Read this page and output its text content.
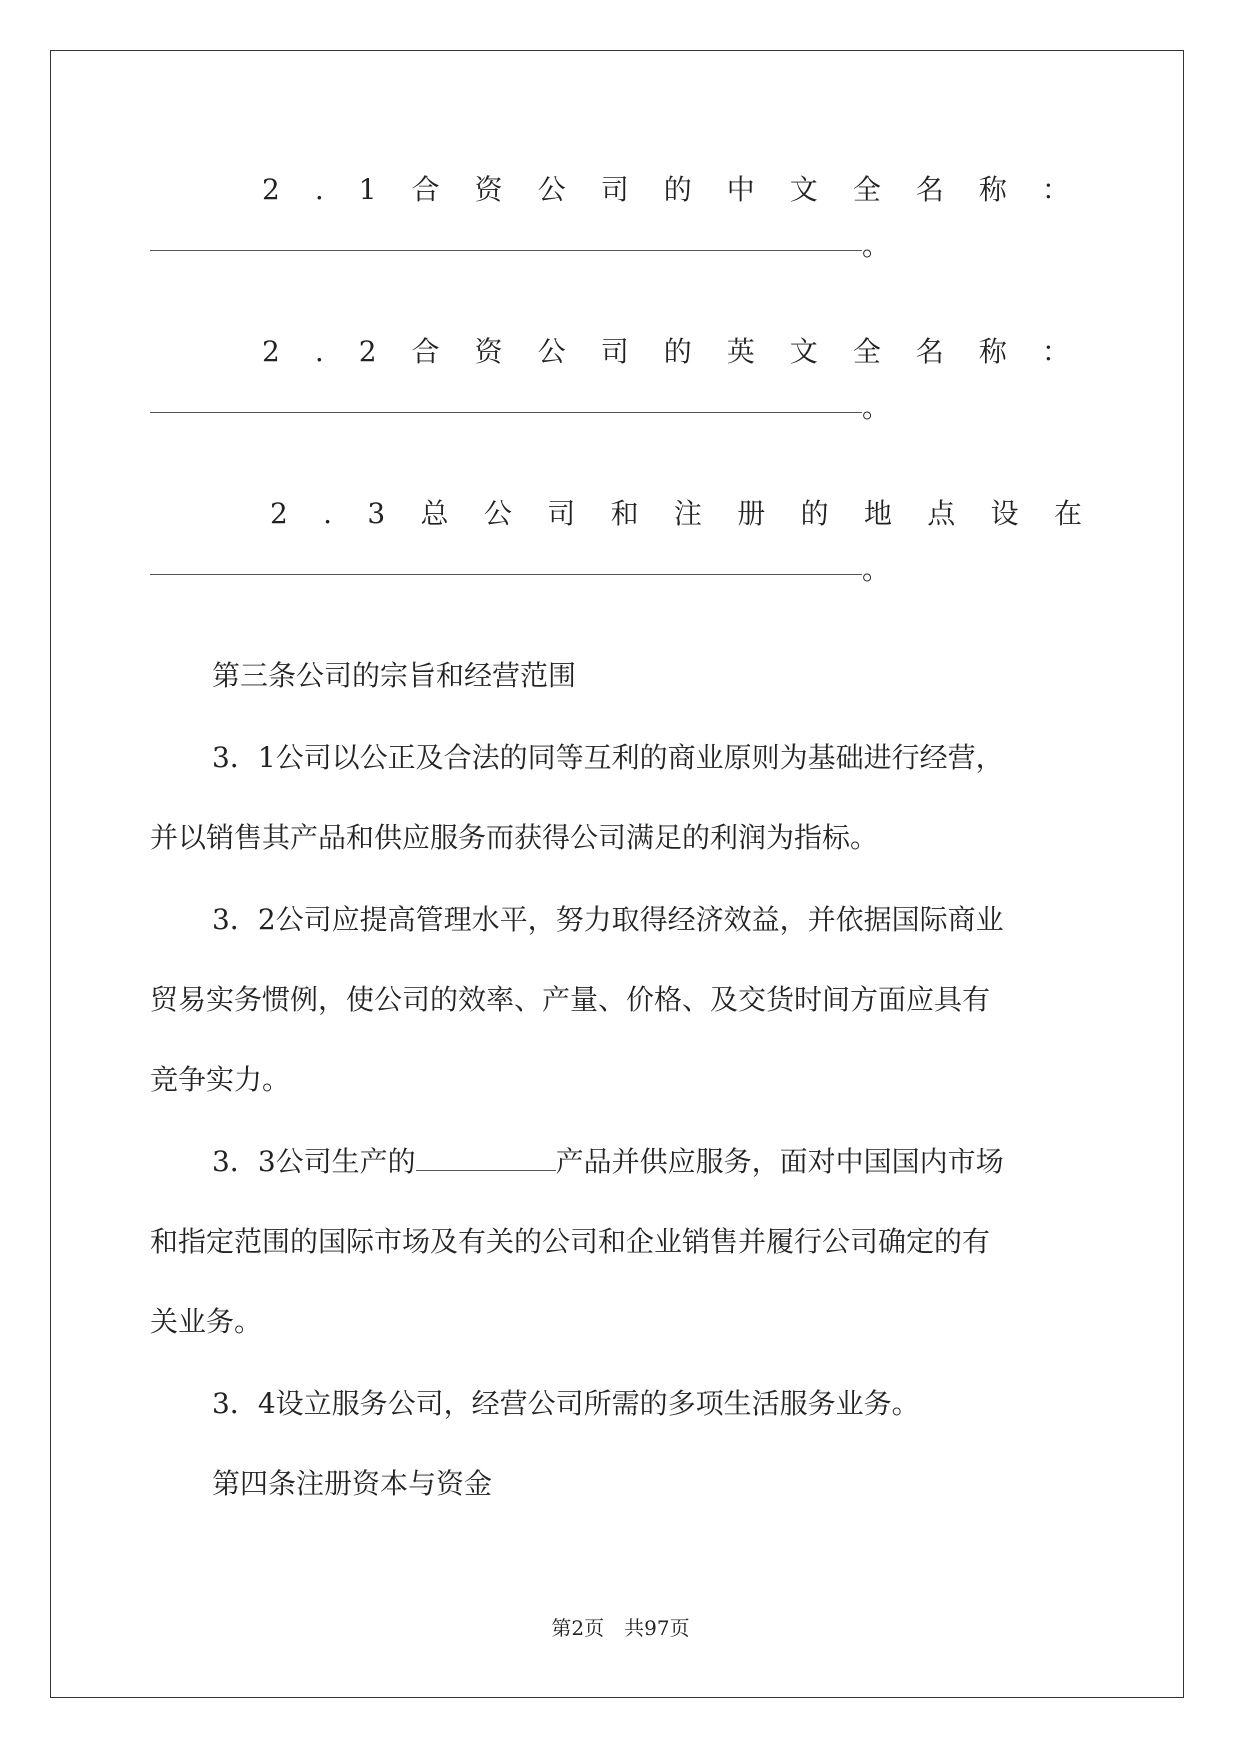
2 . 1 合 资 公 司 的 中 文 全 名 称 ：
。
2 . 2 合 资 公 司 的 英 文 全 名 称 ：
。
2 . 3 总 公 司 和 注 册 的 地 点 设 在
。
第三条公司的宗旨和经营范围
3．1公司以公正及合法的同等互利的商业原则为基础进行经营，
并以销售其产品和供应服务而获得公司满足的利润为指标。
3．2公司应提高管理水平，努力取得经济效益，并依据国际商业
贸易实务惯例，使公司的效率、产量、价格、及交货时间方面应具有
竞争实力。
3．3公司生产的	产品并供应服务，面对中国国内市场
和指定范围的国际市场及有关的公司和企业销售并履行公司确定的有
关业务。
3．4设立服务公司，经营公司所需的多项生活服务业务。
第四条注册资本与资金
第2页　共97页
